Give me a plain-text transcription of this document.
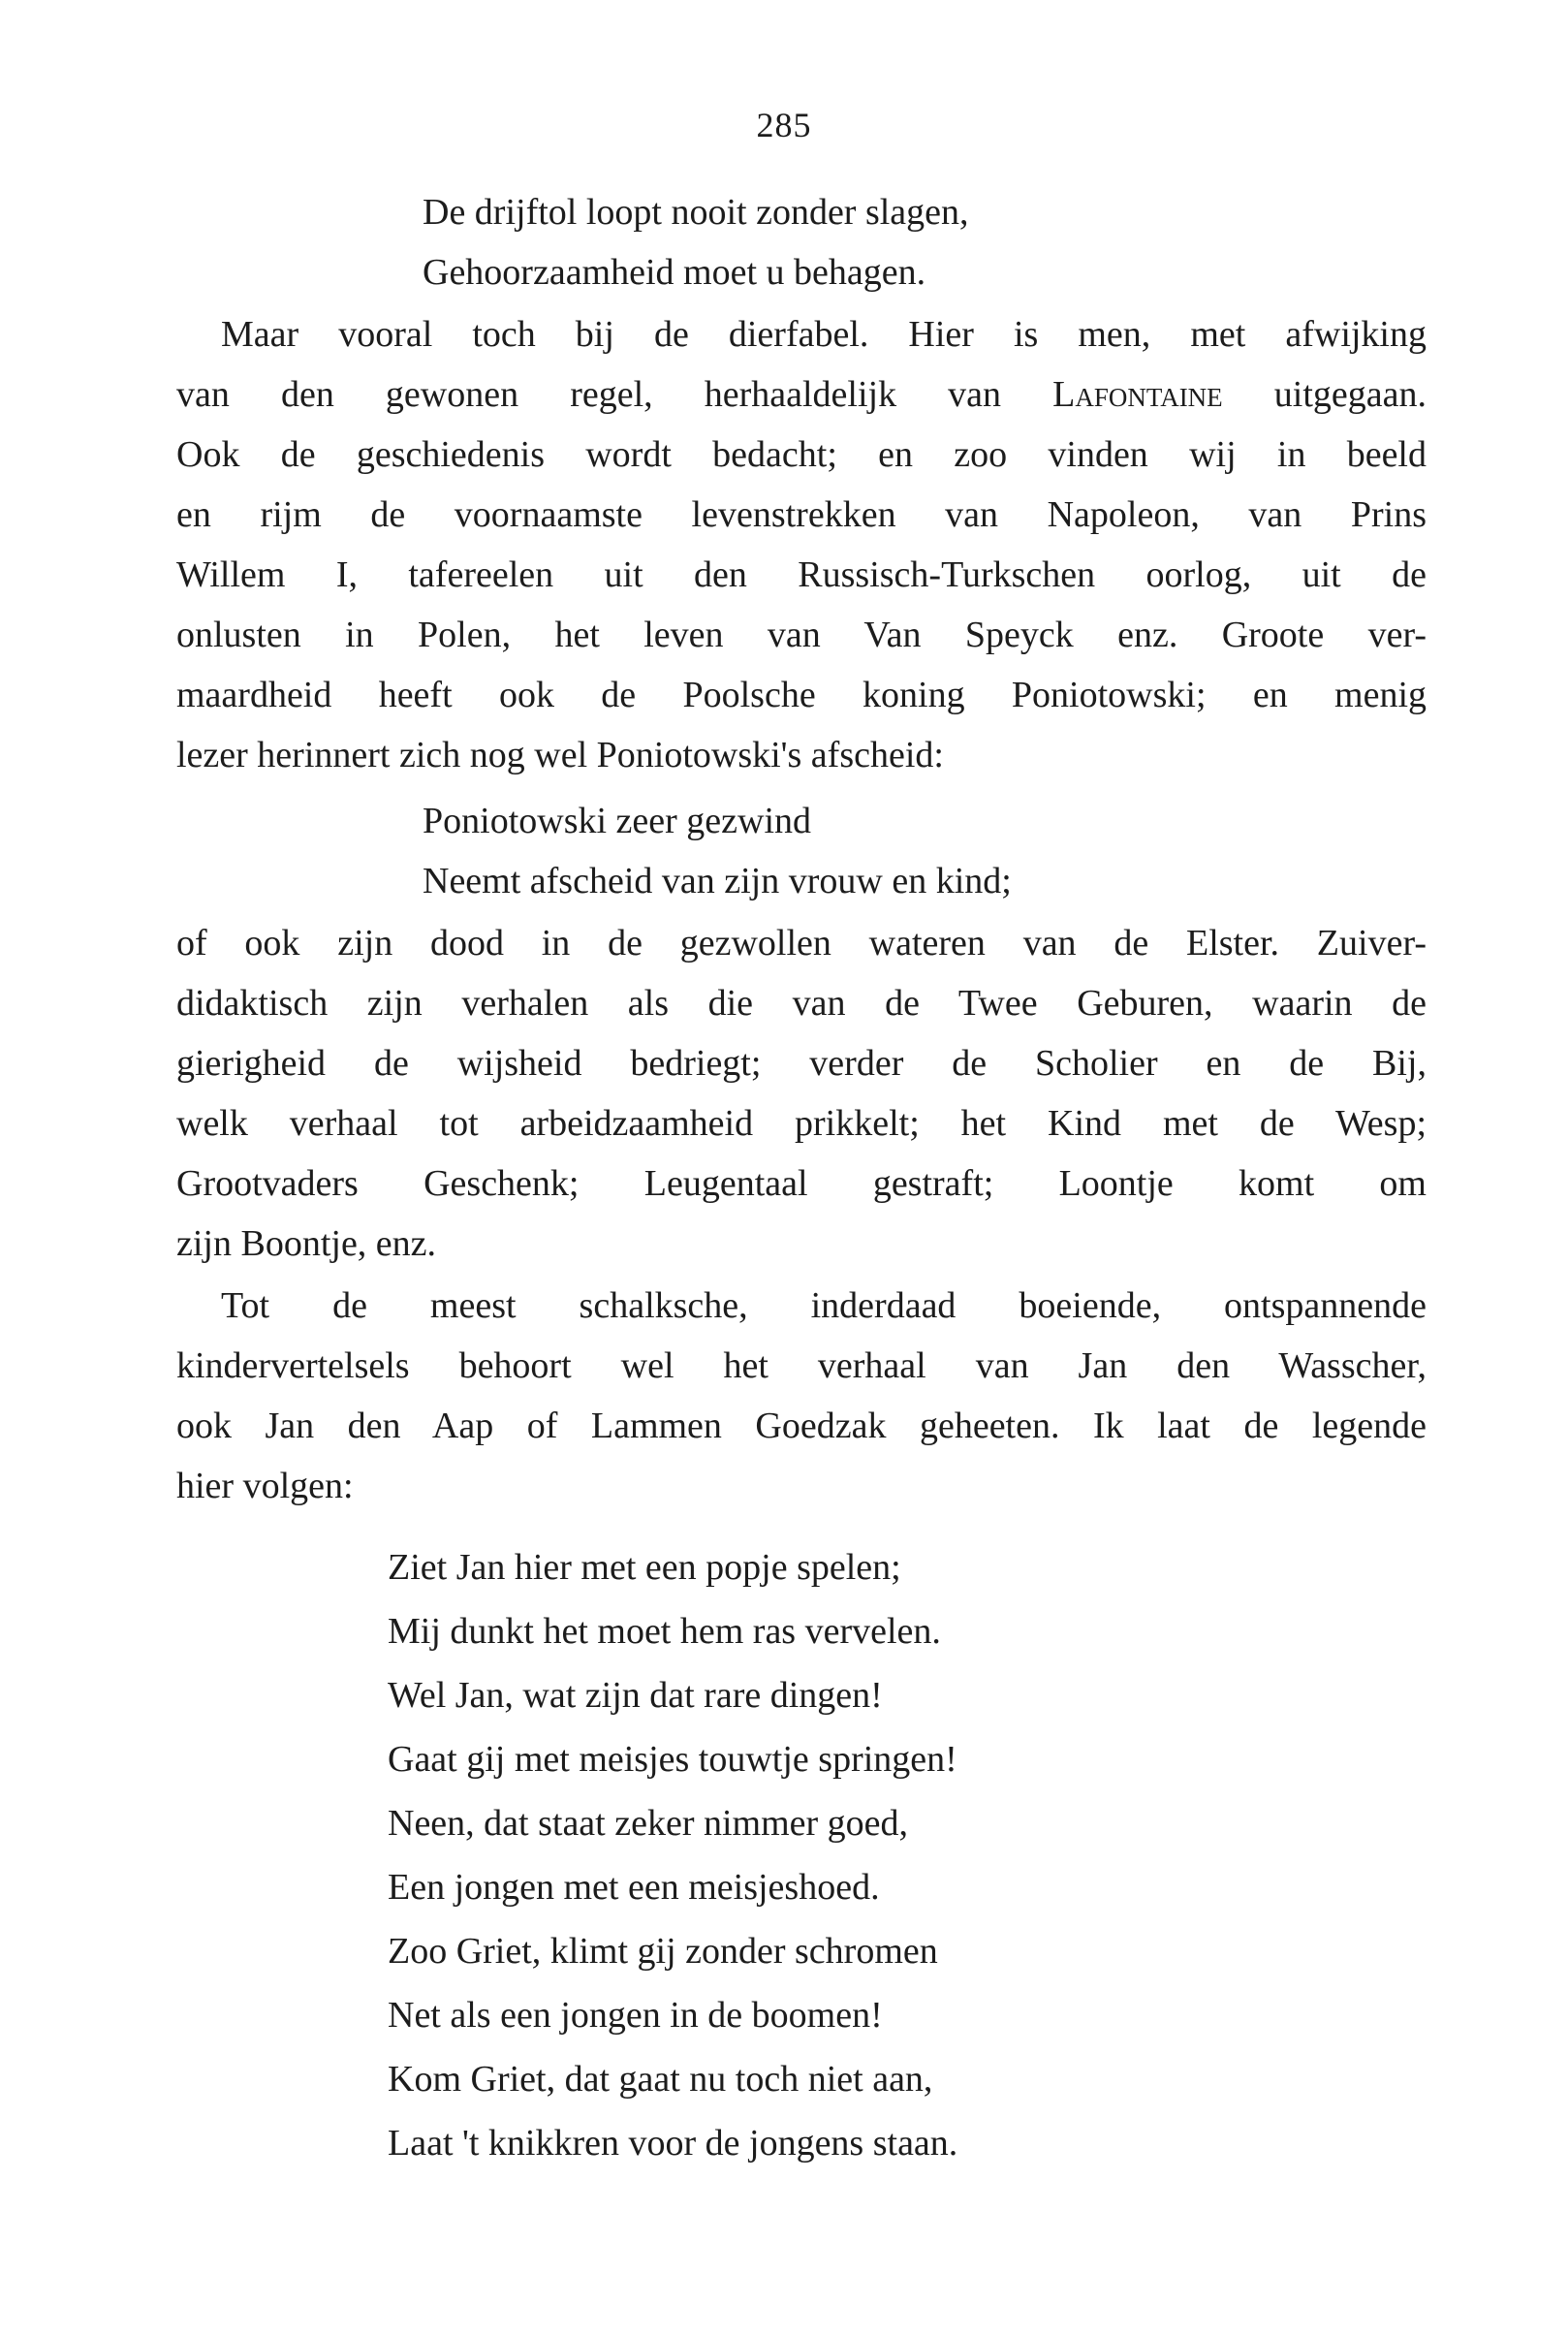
285
De drijftol loopt nooit zonder slagen,
Gehoorzaamheid moet u behagen.
Maar vooral toch bij de dierfabel. Hier is men, met afwijking
van den gewonen regel, herhaaldelijk van Lafontaine uitgegaan.
Ook de geschiedenis wordt bedacht; en zoo vinden wij in beeld
en rijm de voornaamste levenstrekken van Napoleon, van Prins
Willem I, tafereelen uit den Russisch-Turkschen oorlog, uit de
onlusten in Polen, het leven van Van Speyck enz. Groote ver-
maardheid heeft ook de Poolsche koning Poniotowski; en menig
lezer herinnert zich nog wel Poniotowski's afscheid:
Poniotowski zeer gezwind
Neemt afscheid van zijn vrouw en kind;
of ook zijn dood in de gezwollen wateren van de Elster. Zuiver-
didaktisch zijn verhalen als die van de Twee Geburen, waarin de
gierigheid de wijsheid bedriegt; verder de Scholier en de Bij,
welk verhaal tot arbeidzaamheid prikkelt; het Kind met de Wesp;
Grootvaders Geschenk; Leugentaal gestraft; Loontje komt om
zijn Boontje, enz.
Tot de meest schalksche, inderdaad boeiende, ontspannende
kindervertelsels behoort wel het verhaal van Jan den Wasscher,
ook Jan den Aap of Lammen Goedzak geheeten. Ik laat de legende
hier volgen:
Ziet Jan hier met een popje spelen;
Mij dunkt het moet hem ras vervelen.
Wel Jan, wat zijn dat rare dingen!
Gaat gij met meisjes touwtje springen!
Neen, dat staat zeker nimmer goed,
Een jongen met een meisjeshoed.
Zoo Griet, klimt gij zonder schromen
Net als een jongen in de boomen!
Kom Griet, dat gaat nu toch niet aan,
Laat 't knikkren voor de jongens staan.
